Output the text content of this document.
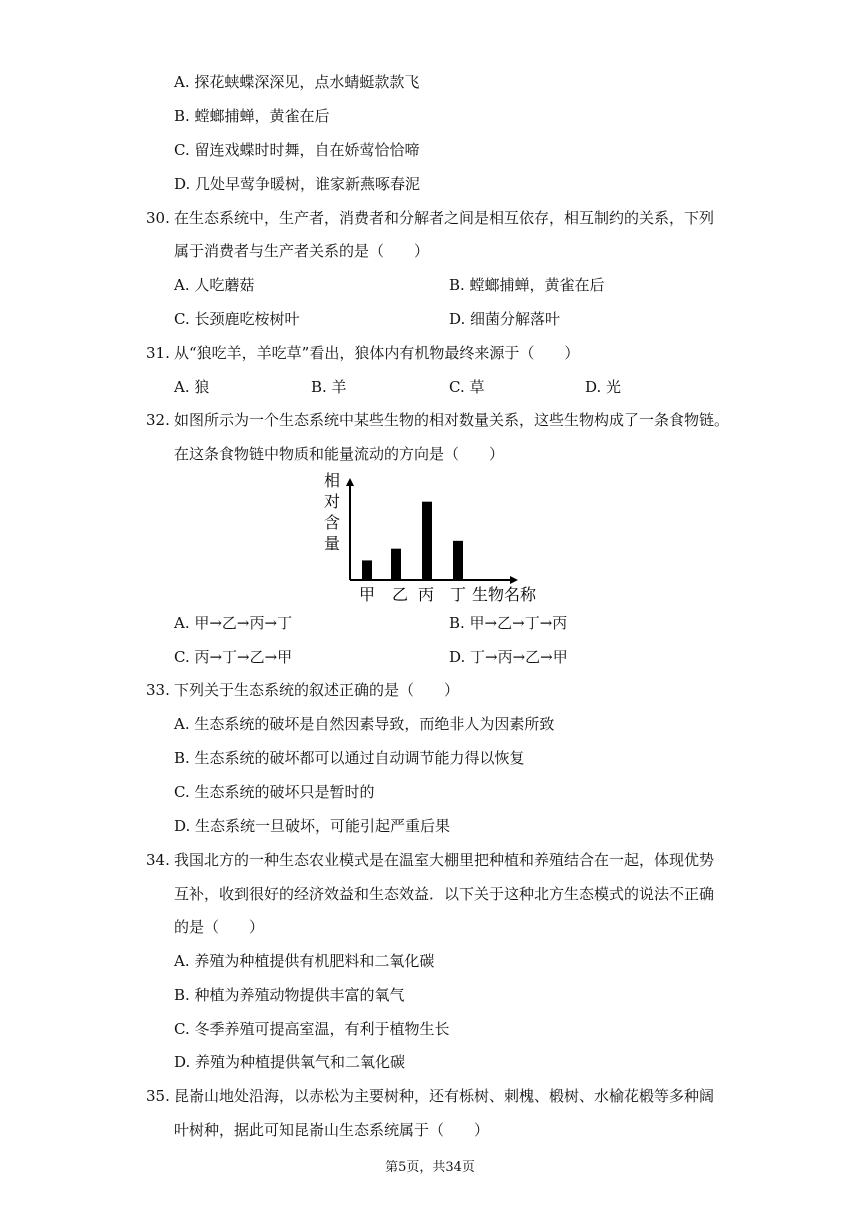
A. 探花蛱蝶深深见，点水蜻蜓款款飞
B. 螳螂捕蝉，黄雀在后
C. 留连戏蝶时时舞，自在娇莺恰恰啼
D. 几处早莺争暖树，谁家新燕啄春泥
30. 在生态系统中，生产者，消费者和分解者之间是相互依存，相互制约的关系，下列
属于消费者与生产者关系的是（　　）
A. 人吃蘑菇	B. 螳螂捕蝉，黄雀在后
C. 长颈鹿吃桉树叶	D. 细菌分解落叶
31. 从“狼吃羊，羊吃草”看出，狼体内有机物最终来源于（　　）
A. 狼	B. 羊	C. 草	D. 光
32. 如图所示为一个生态系统中某些生物的相对数量关系，这些生物构成了一条食物链。
在这条食物链中物质和能量流动的方向是（　　）
相
对
含
量
甲 乙 丙 丁 生物名称
A. 甲→乙→丙→丁	B. 甲→乙→丁→丙
C. 丙→丁→乙→甲	D. 丁→丙→乙→甲
33. 下列关于生态系统的叙述正确的是（　　）
A. 生态系统的破坏是自然因素导致，而绝非人为因素所致
B. 生态系统的破坏都可以通过自动调节能力得以恢复
C. 生态系统的破坏只是暂时的
D. 生态系统一旦破坏，可能引起严重后果
34. 我国北方的一种生态农业模式是在温室大棚里把种植和养殖结合在一起，体现优势
互补，收到很好的经济效益和生态效益．以下关于这种北方生态模式的说法不正确
的是（　　）
A. 养殖为种植提供有机肥料和二氧化碳
B. 种植为养殖动物提供丰富的氧气
C. 冬季养殖可提高室温，有利于植物生长
D. 养殖为种植提供氧气和二氧化碳
35. 昆嵛山地处沿海，以赤松为主要树种，还有栎树、刺槐、椴树、水榆花椴等多种阔
叶树种，据此可知昆嵛山生态系统属于（　　）
第5页，共34页
